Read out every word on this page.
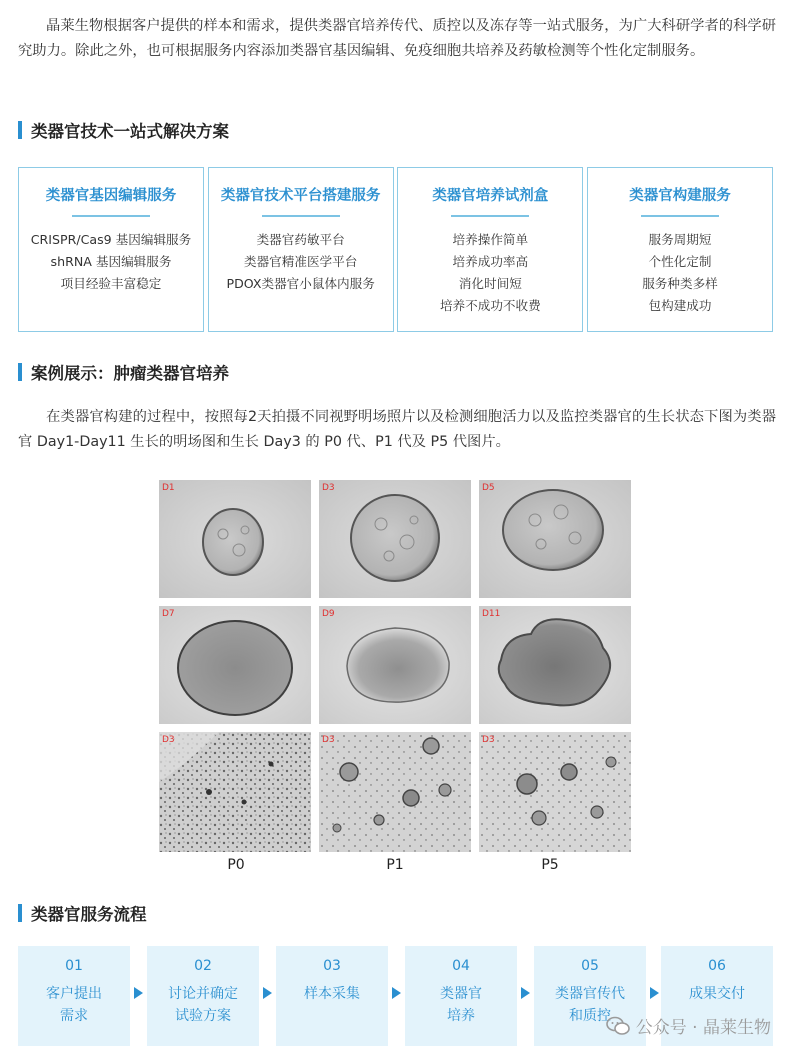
晶莱生物根据客户提供的样本和需求，提供类器官培养传代、质控以及冻存等一站式服务，为广大科研学者的科学研究助力。除此之外，也可根据服务内容添加类器官基因编辑、免疫细胞共培养及药敏检测等个性化定制服务。

类器官技术一站式解决方案
类器官基因编辑服务
CRISPR/Cas9 基因编辑服务
shRNA 基因编辑服务
项目经验丰富稳定
类器官技术平台搭建服务
类器官药敏平台
类器官精准医学平台
PDOX类器官小鼠体内服务
类器官培养试剂盒
培养操作简单
培养成功率高
消化时间短
培养不成功不收费
类器官构建服务
服务周期短
个性化定制
服务种类多样
包构建成功
案例展示：肿瘤类器官培养

在类器官构建的过程中，按照每2天拍摄不同视野明场照片以及检测细胞活力以及监控类器官的生长状态下图为类器官 Day1-Day11 生长的明场图和生长 Day3 的 P0 代、P1 代及 P5 代图片。

D1	D3	D5
D7	D9	D11
D3	D3	D3
P0	P1	P5
类器官服务流程
01
客户提出
需求
02
讨论并确定
试验方案
03
样本采集
04
类器官
培养
05
类器官传代
和质控
06
成果交付
公众号 · 晶莱生物
